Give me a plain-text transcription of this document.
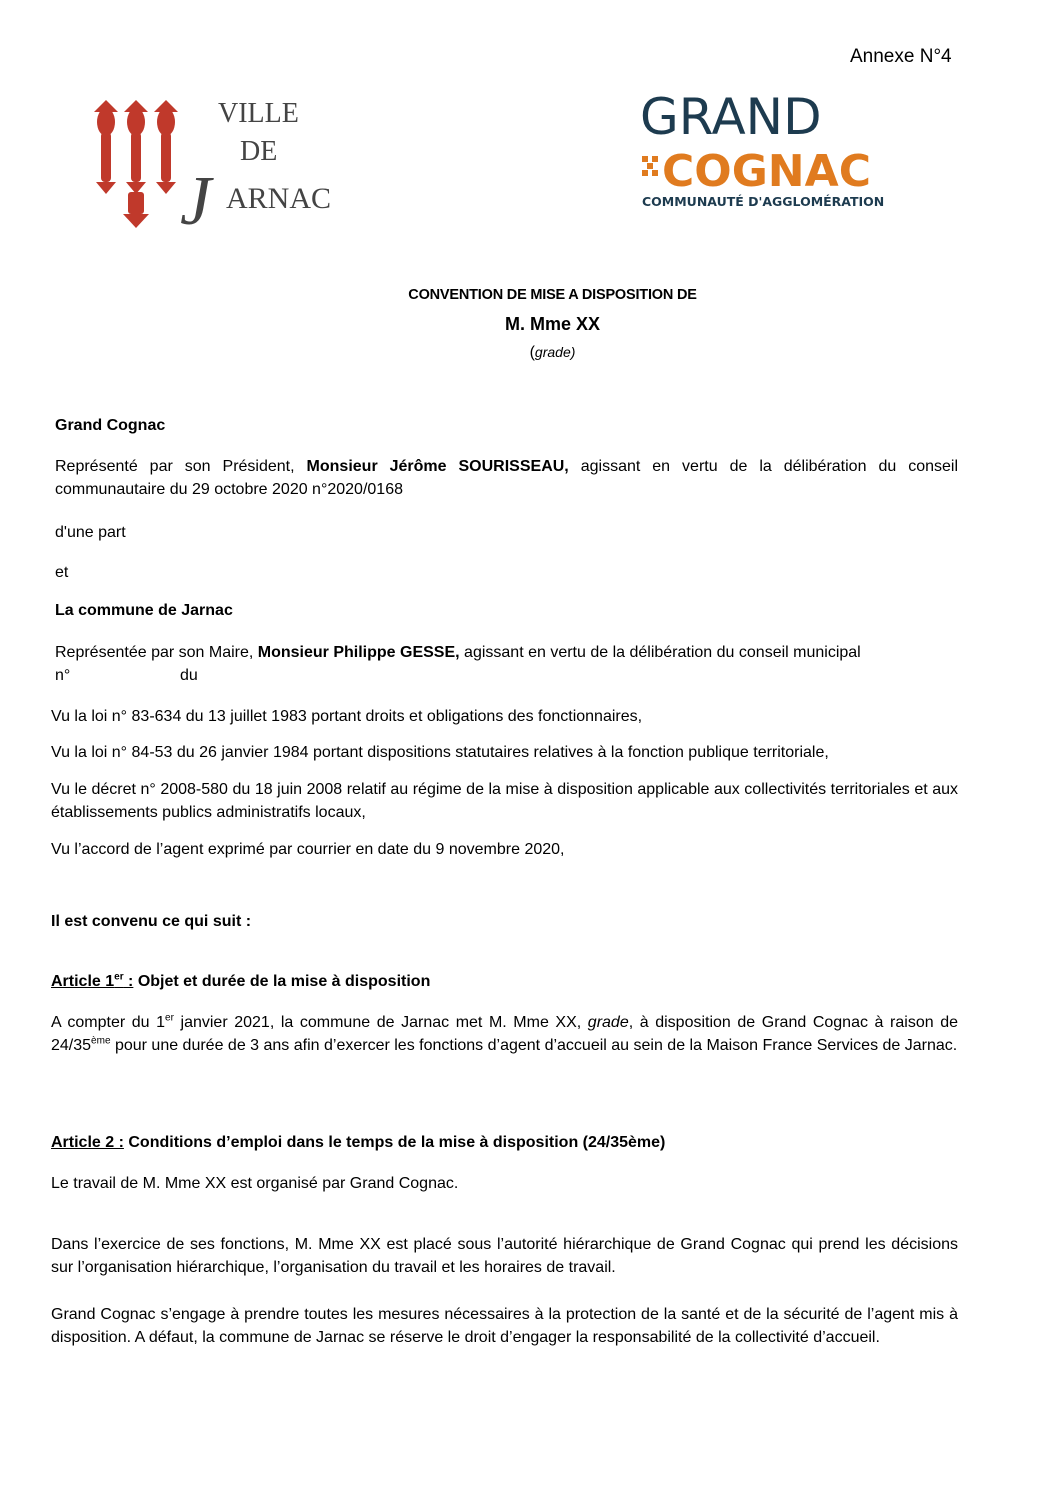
Annexe N°4
VILLE
DE
J ARNAC
GRAND
COGNAC
COMMUNAUTÉ D'AGGLOMÉRATION
CONVENTION DE MISE A DISPOSITION DE
M. Mme XX
(grade)
Grand Cognac
Représenté par son Président, Monsieur Jérôme SOURISSEAU, agissant en vertu de la délibération du conseil communautaire du 29 octobre 2020 n°2020/0168
d'une part
et
La commune de Jarnac
Représentée par son Maire, Monsieur Philippe GESSE, agissant en vertu de la délibération du conseil municipal
n°	du
Vu la loi n° 83-634 du 13 juillet 1983 portant droits et obligations des fonctionnaires,
Vu la loi n° 84-53 du 26 janvier 1984 portant dispositions statutaires relatives à la fonction publique territoriale,
Vu le décret n° 2008-580 du 18 juin 2008 relatif au régime de la mise à disposition applicable aux collectivités territoriales et aux établissements publics administratifs locaux,
Vu l’accord de l’agent exprimé par courrier en date du 9 novembre 2020,
Il est convenu ce qui suit :
Article 1er : Objet et durée de la mise à disposition
A compter du 1er janvier 2021, la commune de Jarnac met M. Mme XX, grade, à disposition de Grand Cognac à raison de 24/35ème pour une durée de 3 ans afin d’exercer les fonctions d’agent d’accueil au sein de la Maison France Services de Jarnac.
Article 2 : Conditions d’emploi dans le temps de la mise à disposition (24/35ème)
Le travail de M. Mme XX est organisé par Grand Cognac.
Dans l’exercice de ses fonctions, M. Mme XX est placé sous l’autorité hiérarchique de Grand Cognac qui prend les décisions sur l’organisation hiérarchique, l’organisation du travail et les horaires de travail.
Grand Cognac s’engage à prendre toutes les mesures nécessaires à la protection de la santé et de la sécurité de l’agent mis à disposition. A défaut, la commune de Jarnac se réserve le droit d’engager la responsabilité de la collectivité d’accueil.
